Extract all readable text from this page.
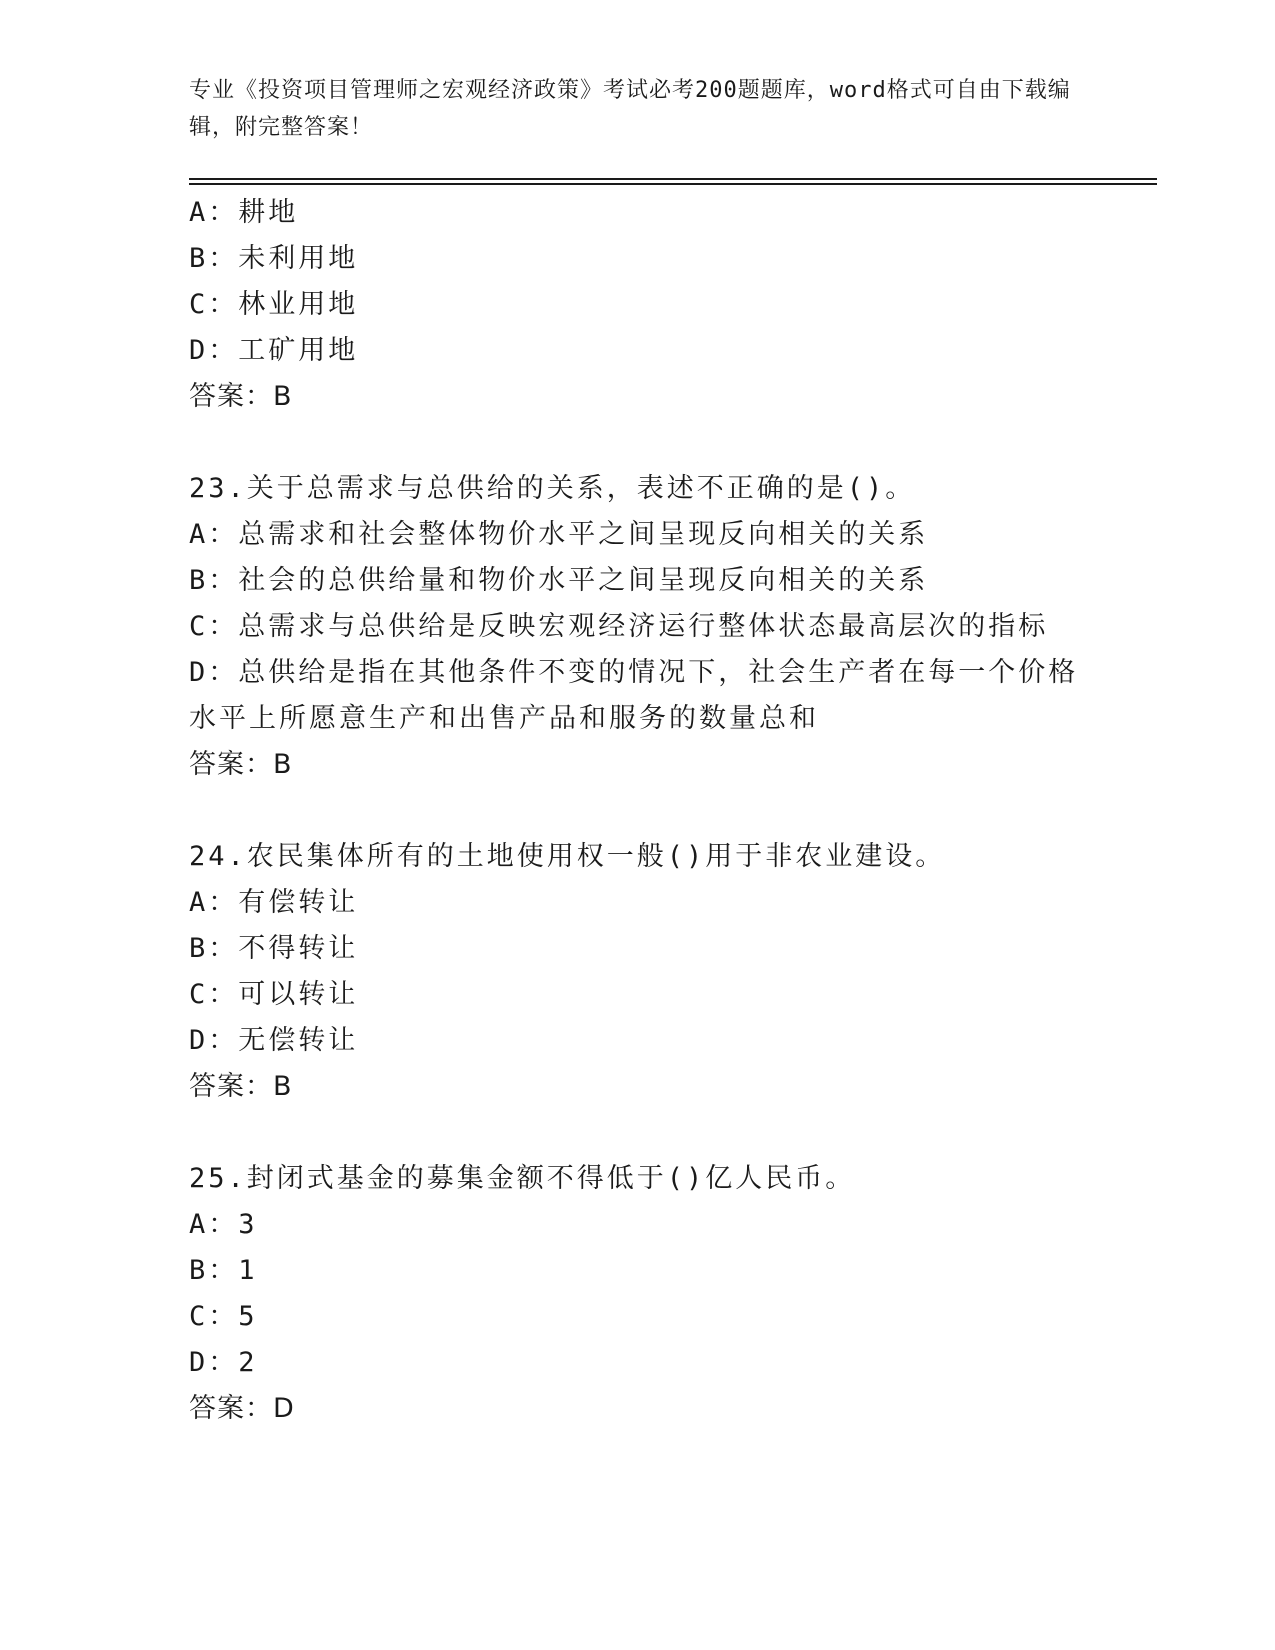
专业《投资项目管理师之宏观经济政策》考试必考200题题库，word格式可自由下载编辑，附完整答案！
A：耕地
B：未利用地
C：林业用地
D：工矿用地
答案：B
23.关于总需求与总供给的关系，表述不正确的是()。
A：总需求和社会整体物价水平之间呈现反向相关的关系
B：社会的总供给量和物价水平之间呈现反向相关的关系
C：总需求与总供给是反映宏观经济运行整体状态最高层次的指标
D：总供给是指在其他条件不变的情况下，社会生产者在每一个价格水平上所愿意生产和出售产品和服务的数量总和
答案：B
24.农民集体所有的土地使用权一般()用于非农业建设。
A：有偿转让
B：不得转让
C：可以转让
D：无偿转让
答案：B
25.封闭式基金的募集金额不得低于()亿人民币。
A：3
B：1
C：5
D：2
答案：D
